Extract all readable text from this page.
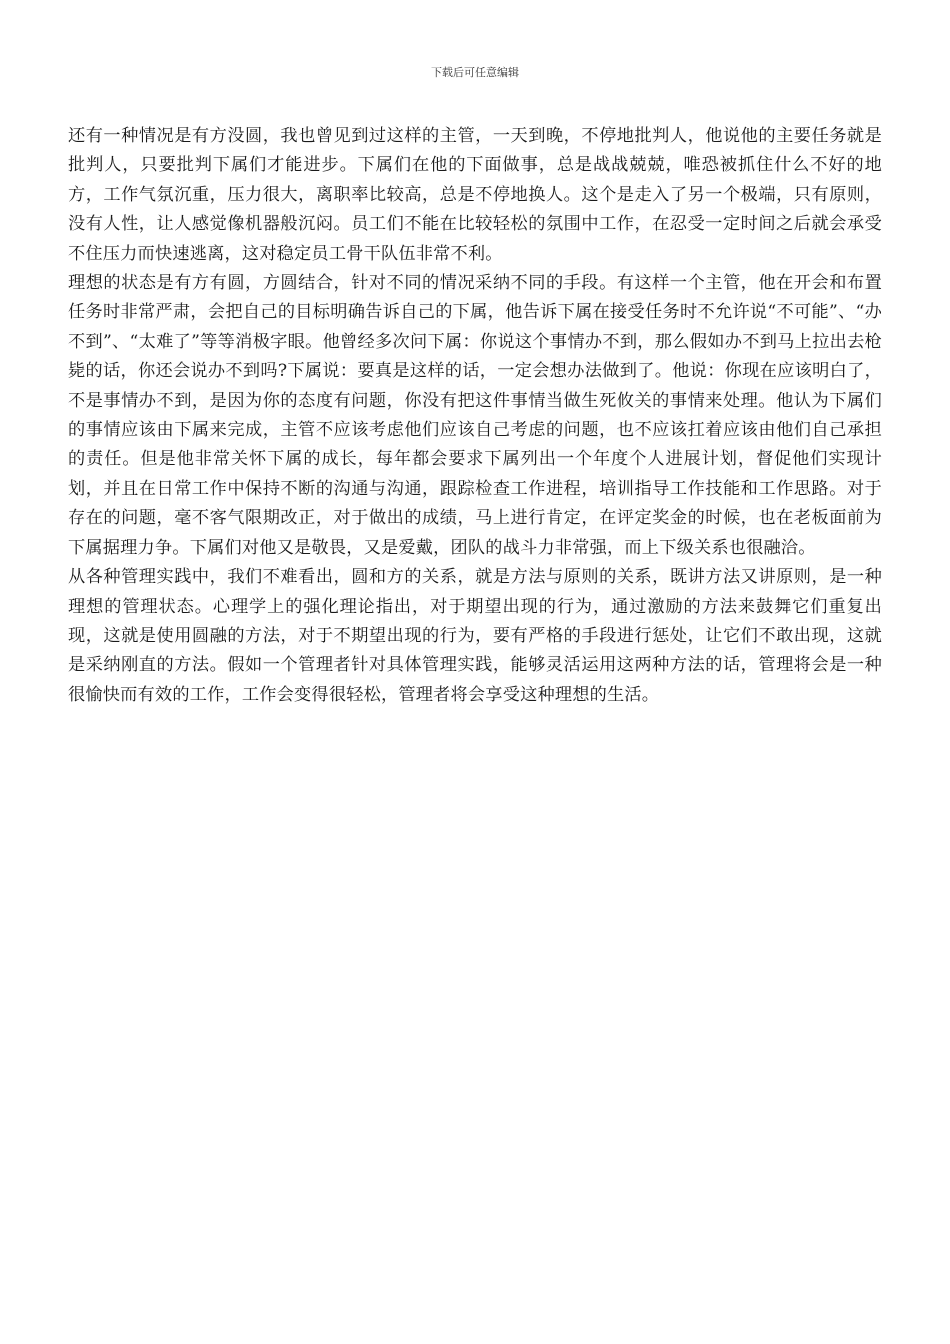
下载后可任意编辑

还有一种情况是有方没圆，我也曾见到过这样的主管，一天到晚，不停地批判人，他说他的主要任务就是批判人，只要批判下属们才能进步。下属们在他的下面做事，总是战战兢兢，唯恐被抓住什么不好的地方，工作气氛沉重，压力很大，离职率比较高，总是不停地换人。这个是走入了另一个极端，只有原则，没有人性，让人感觉像机器般沉闷。员工们不能在比较轻松的氛围中工作，在忍受一定时间之后就会承受不住压力而快速逃离，这对稳定员工骨干队伍非常不利。

理想的状态是有方有圆，方圆结合，针对不同的情况采纳不同的手段。有这样一个主管，他在开会和布置任务时非常严肃，会把自己的目标明确告诉自己的下属，他告诉下属在接受任务时不允许说“不可能”、“办不到”、“太难了”等等消极字眼。他曾经多次问下属：你说这个事情办不到，那么假如办不到马上拉出去枪毙的话，你还会说办不到吗?下属说：要真是这样的话，一定会想办法做到了。他说：你现在应该明白了，不是事情办不到，是因为你的态度有问题，你没有把这件事情当做生死攸关的事情来处理。他认为下属们的事情应该由下属来完成，主管不应该考虑他们应该自己考虑的问题，也不应该扛着应该由他们自己承担的责任。但是他非常关怀下属的成长，每年都会要求下属列出一个年度个人进展计划，督促他们实现计划，并且在日常工作中保持不断的沟通与沟通，跟踪检查工作进程，培训指导工作技能和工作思路。对于存在的问题，毫不客气限期改正，对于做出的成绩，马上进行肯定，在评定奖金的时候，也在老板面前为下属据理力争。下属们对他又是敬畏，又是爱戴，团队的战斗力非常强，而上下级关系也很融洽。

从各种管理实践中，我们不难看出，圆和方的关系，就是方法与原则的关系，既讲方法又讲原则，是一种理想的管理状态。心理学上的强化理论指出，对于期望出现的行为，通过激励的方法来鼓舞它们重复出现，这就是使用圆融的方法，对于不期望出现的行为，要有严格的手段进行惩处，让它们不敢出现，这就是采纳刚直的方法。假如一个管理者针对具体管理实践，能够灵活运用这两种方法的话，管理将会是一种很愉快而有效的工作，工作会变得很轻松，管理者将会享受这种理想的生活。
